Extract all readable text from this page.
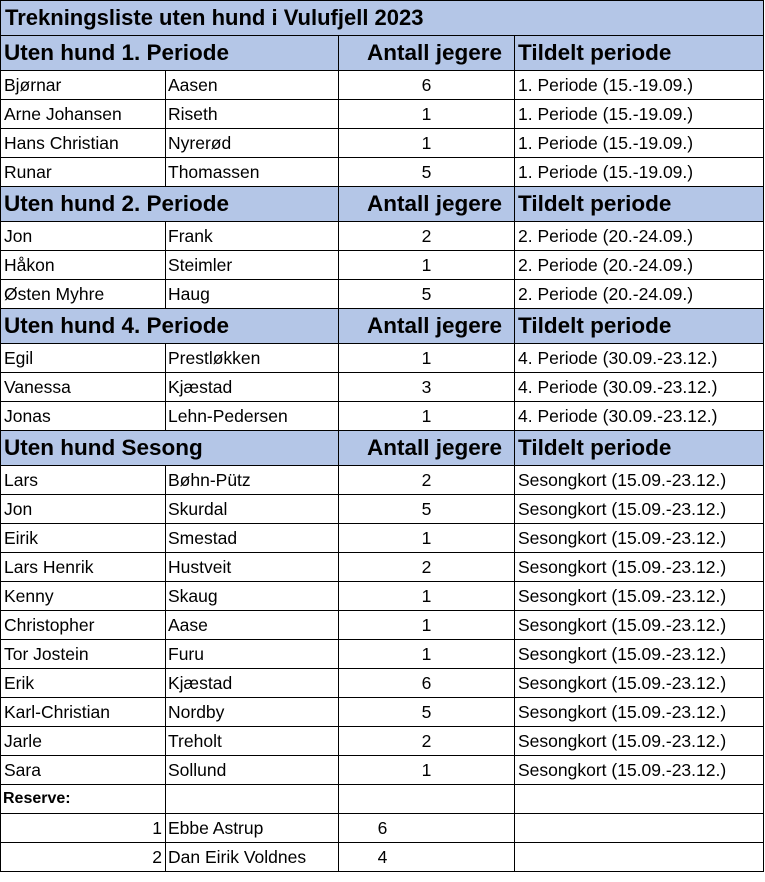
Trekningsliste uten hund i Vulufjell 2023			
Uten hund 1. Periode		Antall jegere	Tildelt periode
Bjørnar	Aasen	6	1. Periode (15.-19.09.)
Arne Johansen	Riseth	1	1. Periode (15.-19.09.)
Hans Christian	Nyrerød	1	1. Periode (15.-19.09.)
Runar	Thomassen	5	1. Periode (15.-19.09.)
Uten hund 2. Periode		Antall jegere	Tildelt periode
Jon	Frank	2	2. Periode (20.-24.09.)
Håkon	Steimler	1	2. Periode (20.-24.09.)
Østen Myhre	Haug	5	2. Periode (20.-24.09.)
Uten hund 4. Periode		Antall jegere	Tildelt periode
Egil	Prestløkken	1	4. Periode (30.09.-23.12.)
Vanessa	Kjæstad	3	4. Periode (30.09.-23.12.)
Jonas	Lehn-Pedersen	1	4. Periode (30.09.-23.12.)
Uten hund Sesong		Antall jegere	Tildelt periode
Lars	Bøhn-Pütz	2	Sesongkort (15.09.-23.12.)
Jon	Skurdal	5	Sesongkort (15.09.-23.12.)
Eirik	Smestad	1	Sesongkort (15.09.-23.12.)
Lars Henrik	Hustveit	2	Sesongkort (15.09.-23.12.)
Kenny	Skaug	1	Sesongkort (15.09.-23.12.)
Christopher	Aase	1	Sesongkort (15.09.-23.12.)
Tor Jostein	Furu	1	Sesongkort (15.09.-23.12.)
Erik	Kjæstad	6	Sesongkort (15.09.-23.12.)
Karl-Christian	Nordby	5	Sesongkort (15.09.-23.12.)
Jarle	Treholt	2	Sesongkort (15.09.-23.12.)
Sara	Sollund	1	Sesongkort (15.09.-23.12.)
Reserve:			
1	Ebbe Astrup	6	
2	Dan Eirik Voldnes	4	
